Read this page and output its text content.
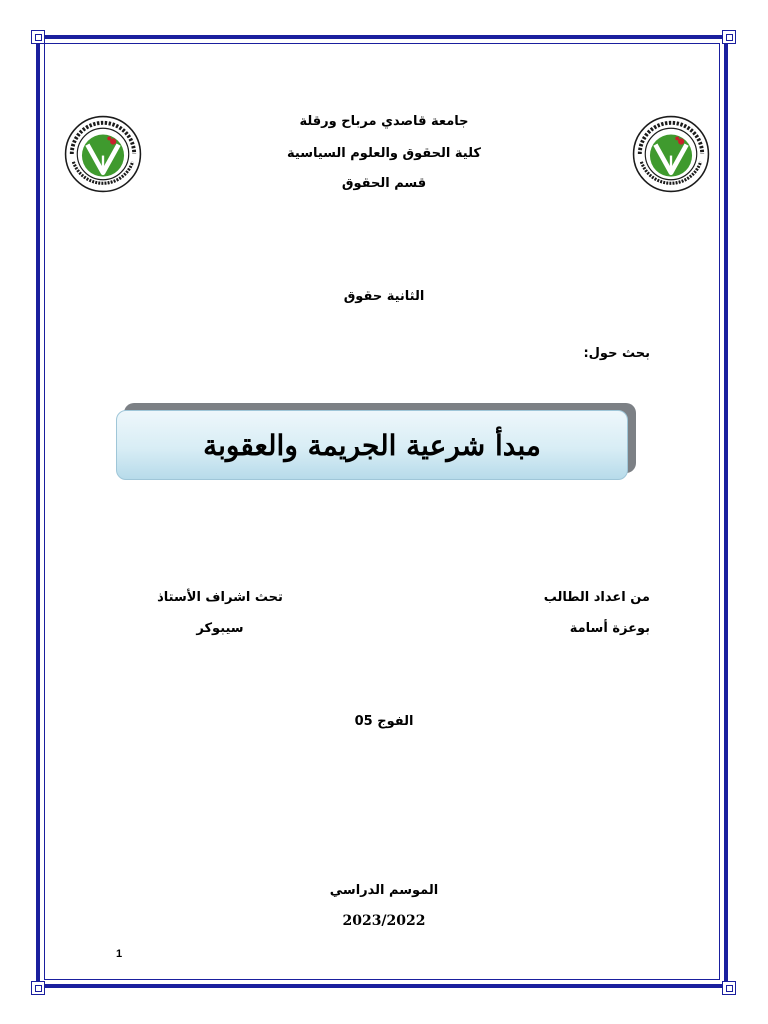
جامعة قاصدي مرباح ورقلة
كلية الحقوق والعلوم السياسية
قسم الحقوق
الثانية حقوق
بحث حول:
مبدأ شرعية الجريمة والعقوبة
من اعداد الطالب
بوعزة أسامة
تحث اشراف الأستاذ
سيبوكر
الفوج 05
الموسم الدراسي
2023/2022
1
